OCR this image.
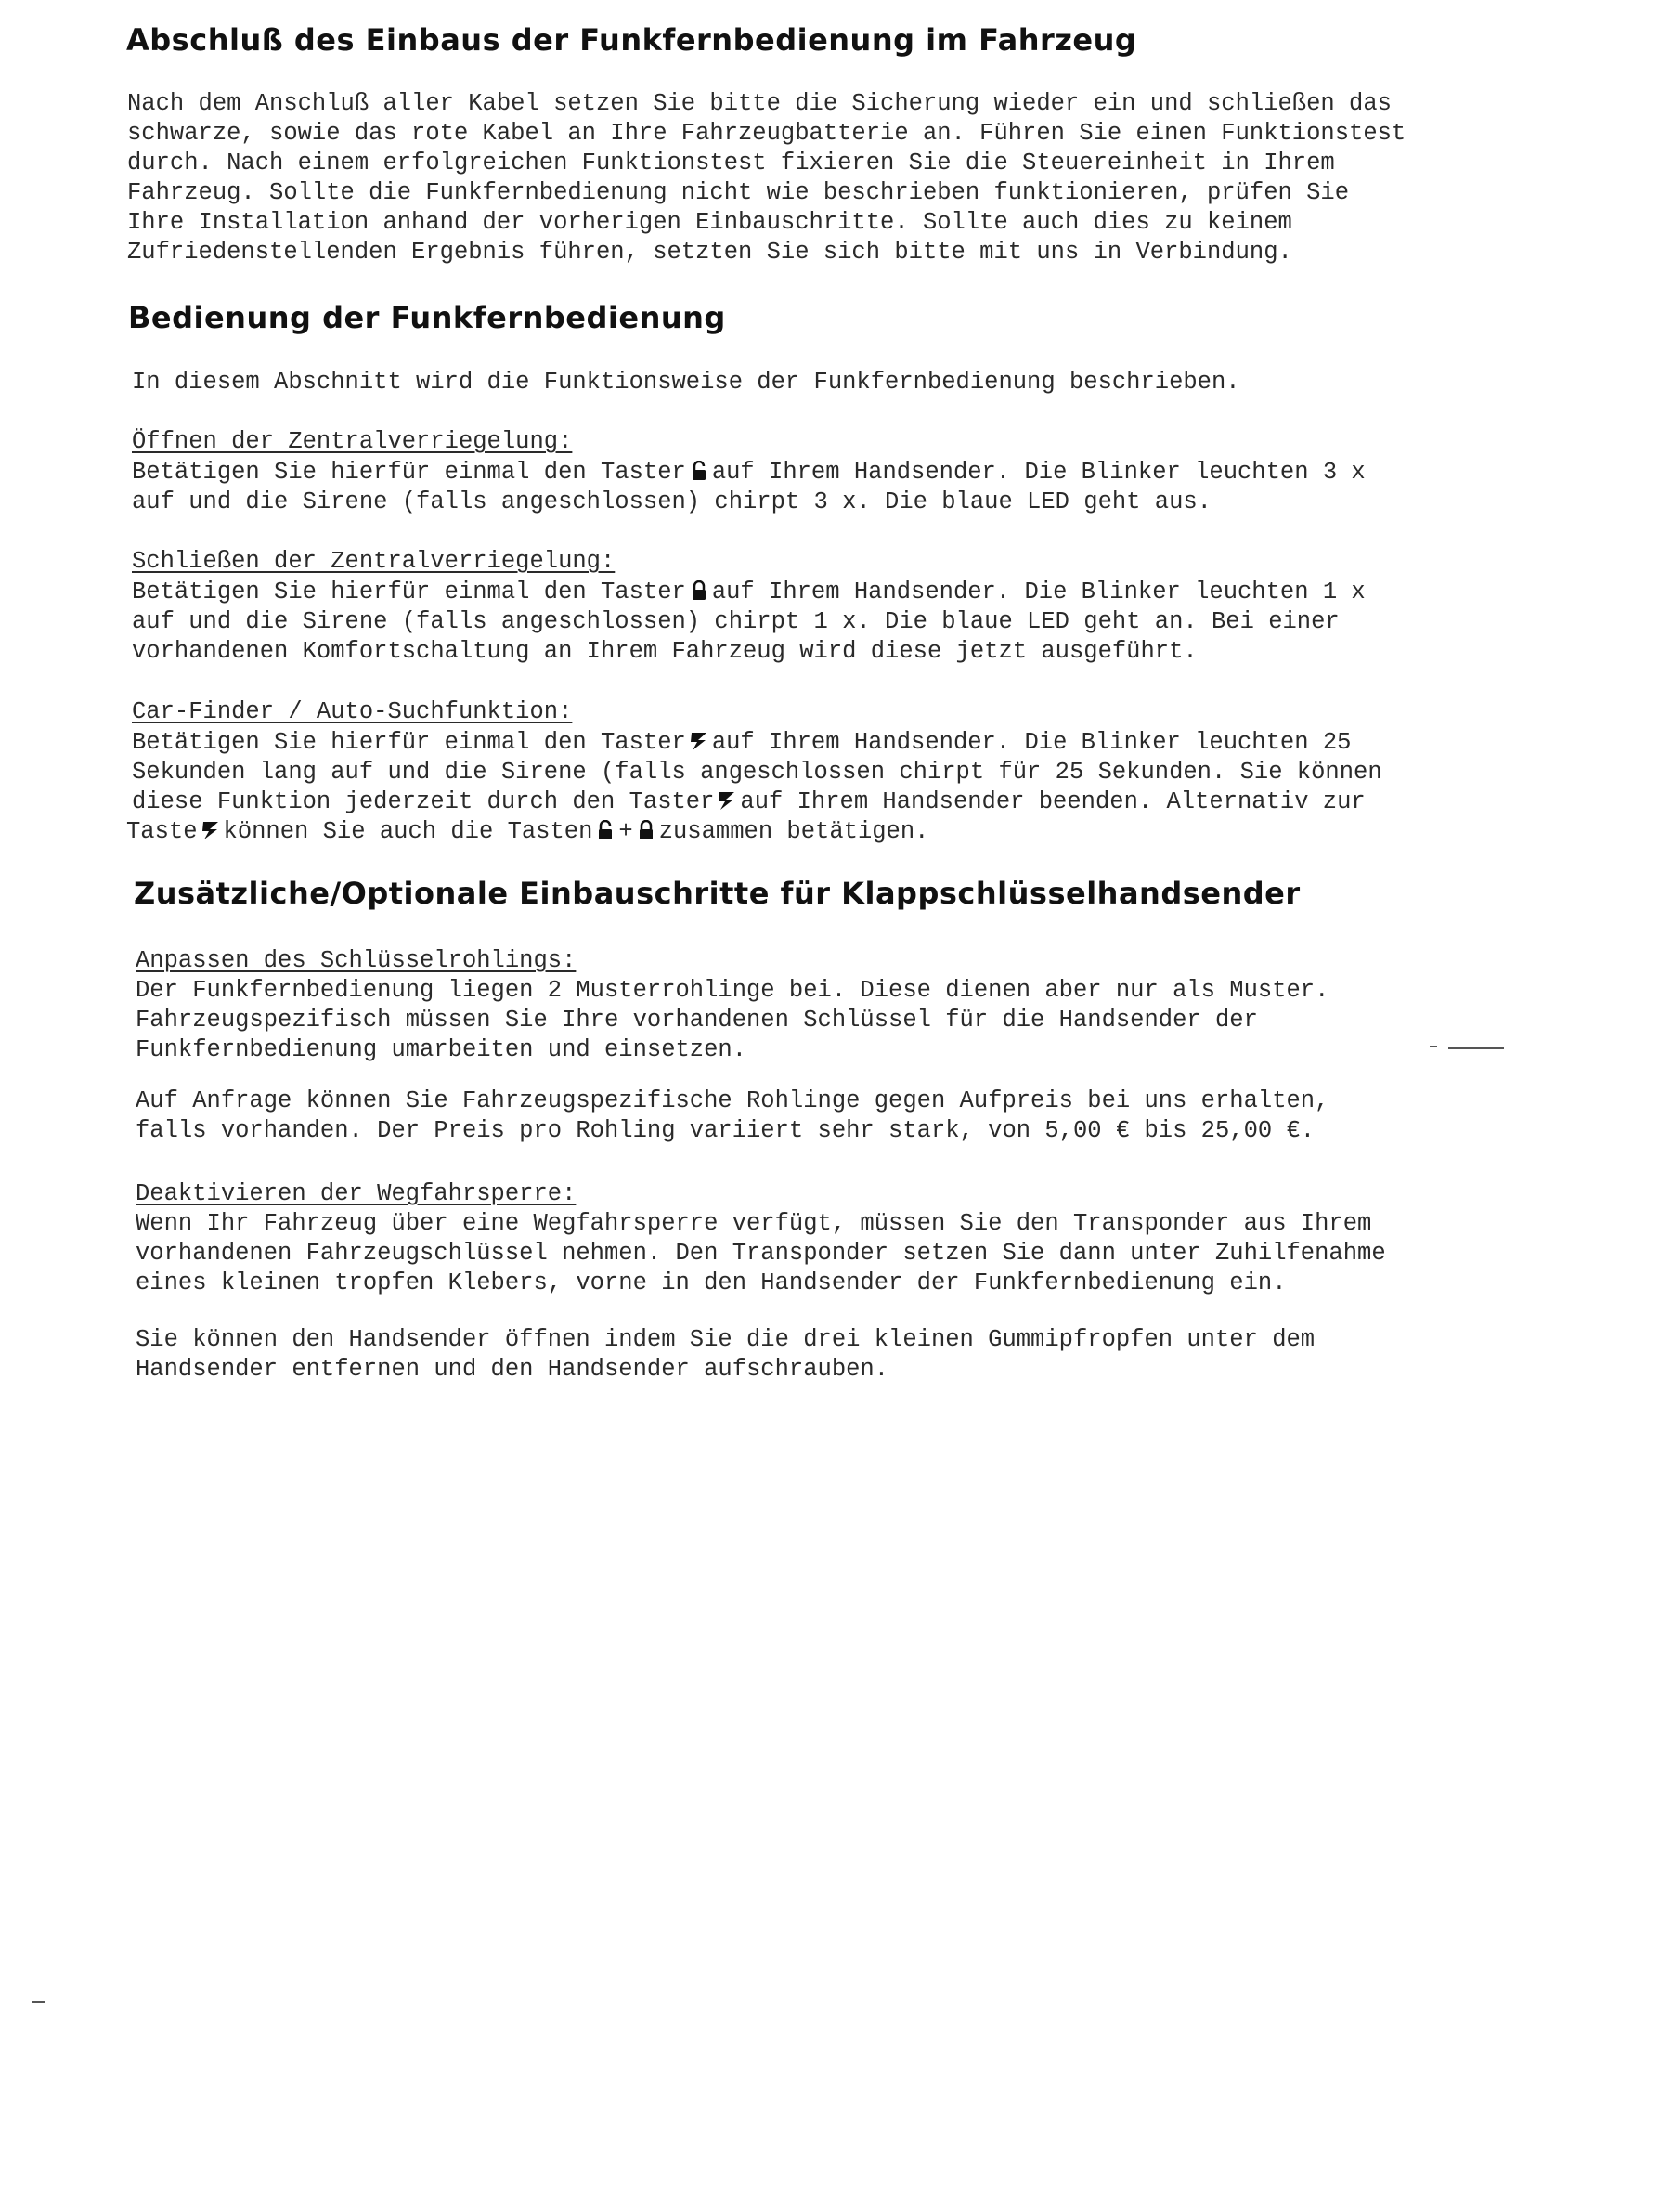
Abschluß des Einbaus der Funkfernbedienung im Fahrzeug

Nach dem Anschluß aller Kabel setzen Sie bitte die Sicherung wieder ein und schließen das

schwarze, sowie das rote Kabel an Ihre Fahrzeugbatterie an. Führen Sie einen Funktionstest

durch. Nach einem erfolgreichen Funktionstest fixieren Sie die Steuereinheit in Ihrem

Fahrzeug. Sollte die Funkfernbedienung nicht wie beschrieben funktionieren, prüfen Sie

Ihre Installation anhand der vorherigen Einbauschritte. Sollte auch dies zu keinem

Zufriedenstellenden Ergebnis führen, setzten Sie sich bitte mit uns in Verbindung.

Bedienung der Funkfernbedienung

In diesem Abschnitt wird die Funktionsweise der Funkfernbedienung beschrieben.

Öffnen der Zentralverriegelung:

Betätigen Sie hierfür einmal den Taster auf Ihrem Handsender. Die Blinker leuchten 3 x

auf und die Sirene (falls angeschlossen) chirpt 3 x. Die blaue LED geht aus.

Schließen der Zentralverriegelung:

Betätigen Sie hierfür einmal den Taster auf Ihrem Handsender. Die Blinker leuchten 1 x

auf und die Sirene (falls angeschlossen) chirpt 1 x. Die blaue LED geht an. Bei einer

vorhandenen Komfortschaltung an Ihrem Fahrzeug wird diese jetzt ausgeführt.

Car-Finder / Auto-Suchfunktion:

Betätigen Sie hierfür einmal den Taster auf Ihrem Handsender. Die Blinker leuchten 25

Sekunden lang auf und die Sirene (falls angeschlossen chirpt für 25 Sekunden. Sie können

diese Funktion jederzeit durch den Taster auf Ihrem Handsender beenden. Alternativ zur

Taste können Sie auch die Tasten + zusammen betätigen.

Zusätzliche/Optionale Einbauschritte für Klappschlüsselhandsender

Anpassen des Schlüsselrohlings:

Der Funkfernbedienung liegen 2 Musterrohlinge bei. Diese dienen aber nur als Muster.

Fahrzeugspezifisch müssen Sie Ihre vorhandenen Schlüssel für die Handsender der

Funkfernbedienung umarbeiten und einsetzen.

Auf Anfrage können Sie Fahrzeugspezifische Rohlinge gegen Aufpreis bei uns erhalten,

falls vorhanden. Der Preis pro Rohling variiert sehr stark, von 5,00 € bis 25,00 €.

Deaktivieren der Wegfahrsperre:

Wenn Ihr Fahrzeug über eine Wegfahrsperre verfügt, müssen Sie den Transponder aus Ihrem

vorhandenen Fahrzeugschlüssel nehmen. Den Transponder setzen Sie dann unter Zuhilfenahme

eines kleinen tropfen Klebers, vorne in den Handsender der Funkfernbedienung ein.

Sie können den Handsender öffnen indem Sie die drei kleinen Gummipfropfen unter dem

Handsender entfernen und den Handsender aufschrauben.
